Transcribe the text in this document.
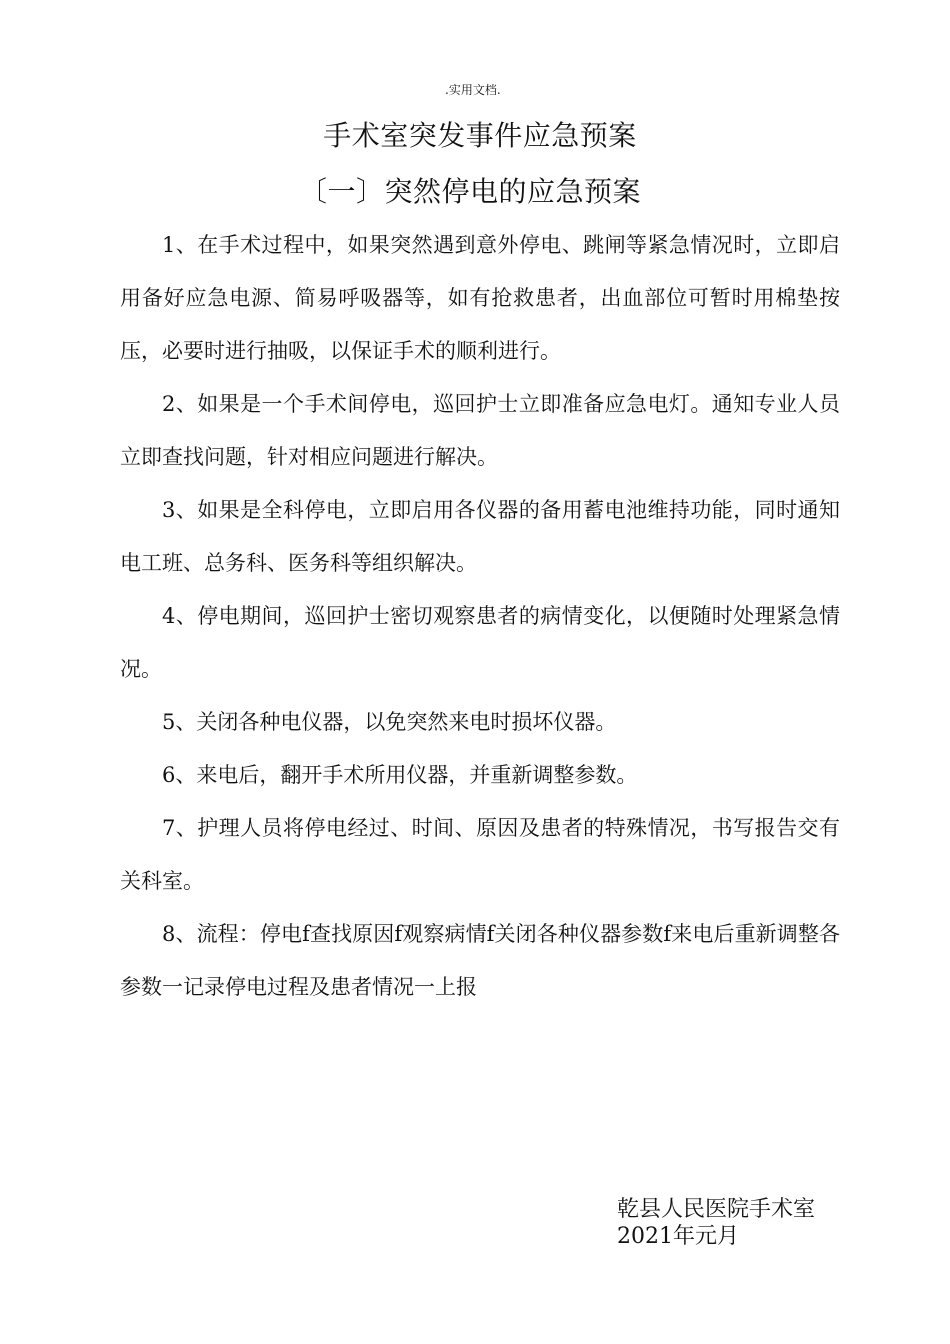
.实用文档.
手术室突发事件应急预案
〔一〕突然停电的应急预案

1、在手术过程中，如果突然遇到意外停电、跳闸等紧急情况时，立即启用备好应急电源、简易呼吸器等，如有抢救患者，出血部位可暂时用棉垫按压，必要时进行抽吸，以保证手术的顺利进行。

2、如果是一个手术间停电，巡回护士立即准备应急电灯。通知专业人员立即查找问题，针对相应问题进行解决。

3、如果是全科停电，立即启用各仪器的备用蓄电池维持功能，同时通知电工班、总务科、医务科等组织解决。

4、停电期间，巡回护士密切观察患者的病情变化，以便随时处理紧急情况。

5、关闭各种电仪器，以免突然来电时损坏仪器。

6、来电后，翻开手术所用仪器，并重新调整参数。

7、护理人员将停电经过、时间、原因及患者的特殊情况，书写报告交有关科室。

8、流程：停电f查找原因f观察病情f关闭各种仪器参数f来电后重新调整各参数一记录停电过程及患者情况一上报

乾县人民医院手术室
2021年元月
